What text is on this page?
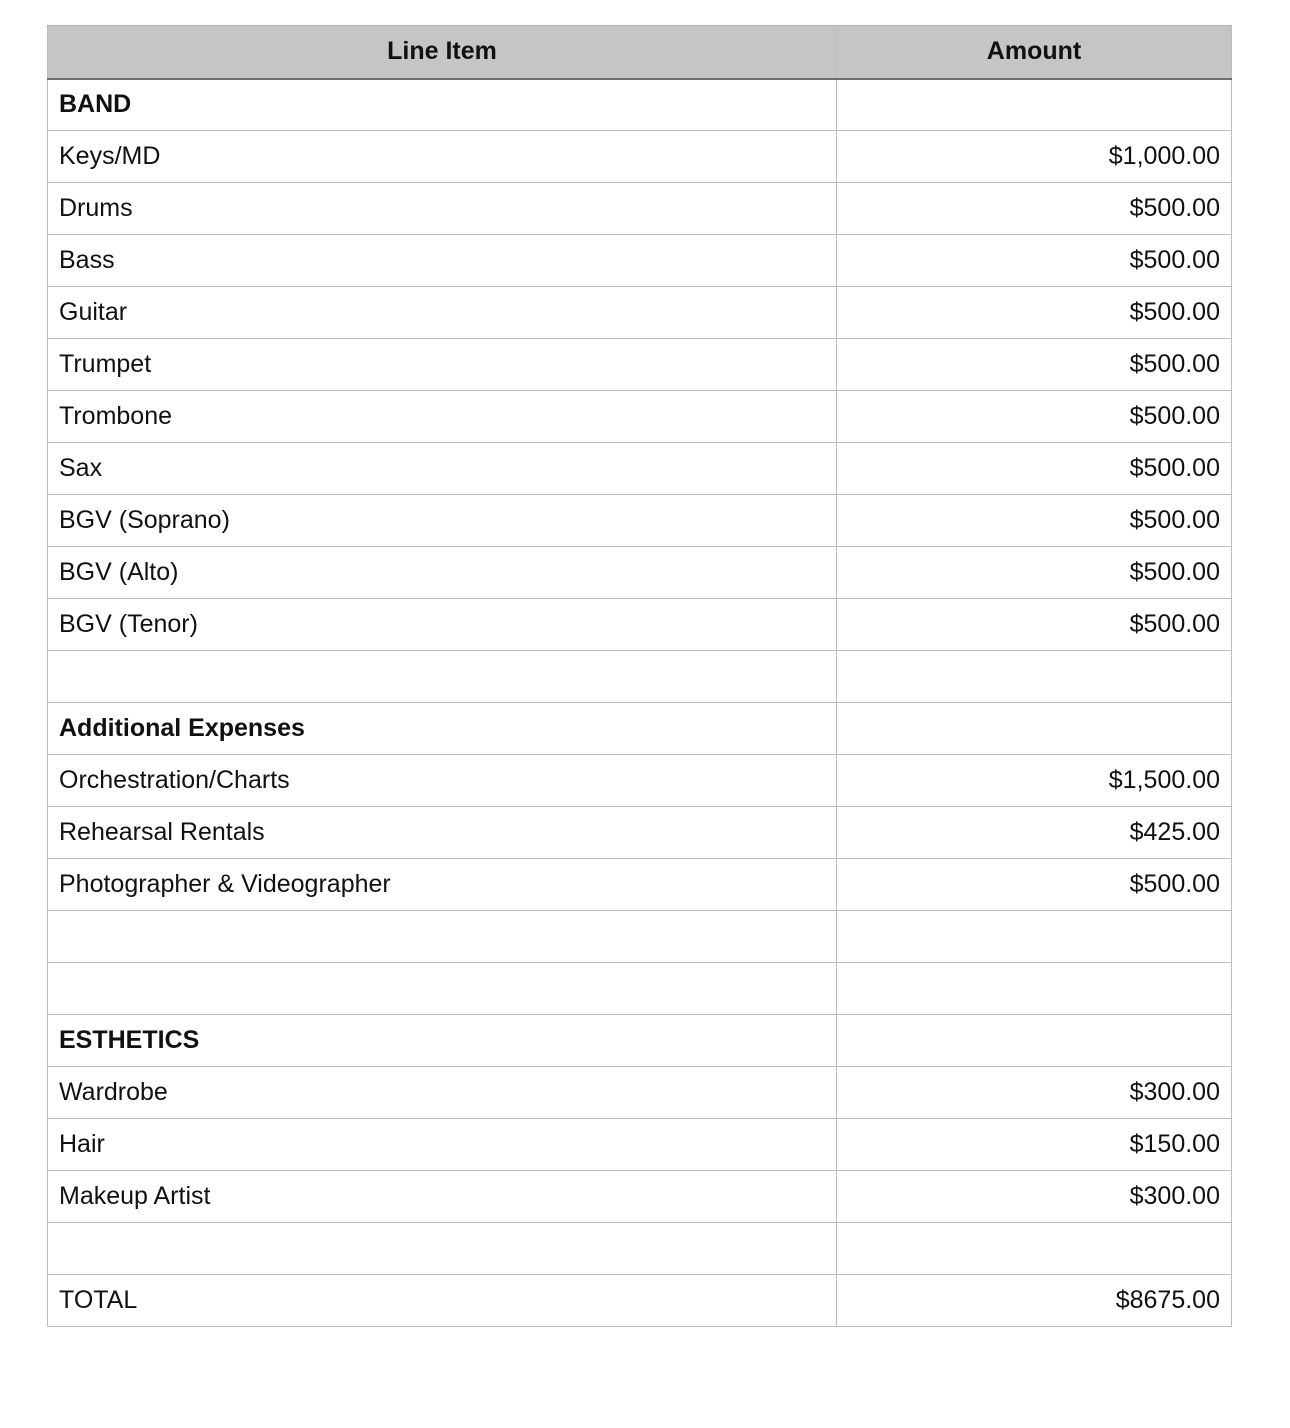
Line Item	Amount
BAND	
Keys/MD	$1,000.00
Drums	$500.00
Bass	$500.00
Guitar	$500.00
Trumpet	$500.00
Trombone	$500.00
Sax	$500.00
BGV (Soprano)	$500.00
BGV (Alto)	$500.00
BGV (Tenor)	$500.00

Additional Expenses	
Orchestration/Charts	$1,500.00
Rehearsal Rentals	$425.00
Photographer & Videographer	$500.00

ESTHETICS	
Wardrobe	$300.00
Hair	$150.00
Makeup Artist	$300.00

TOTAL	$8675.00
